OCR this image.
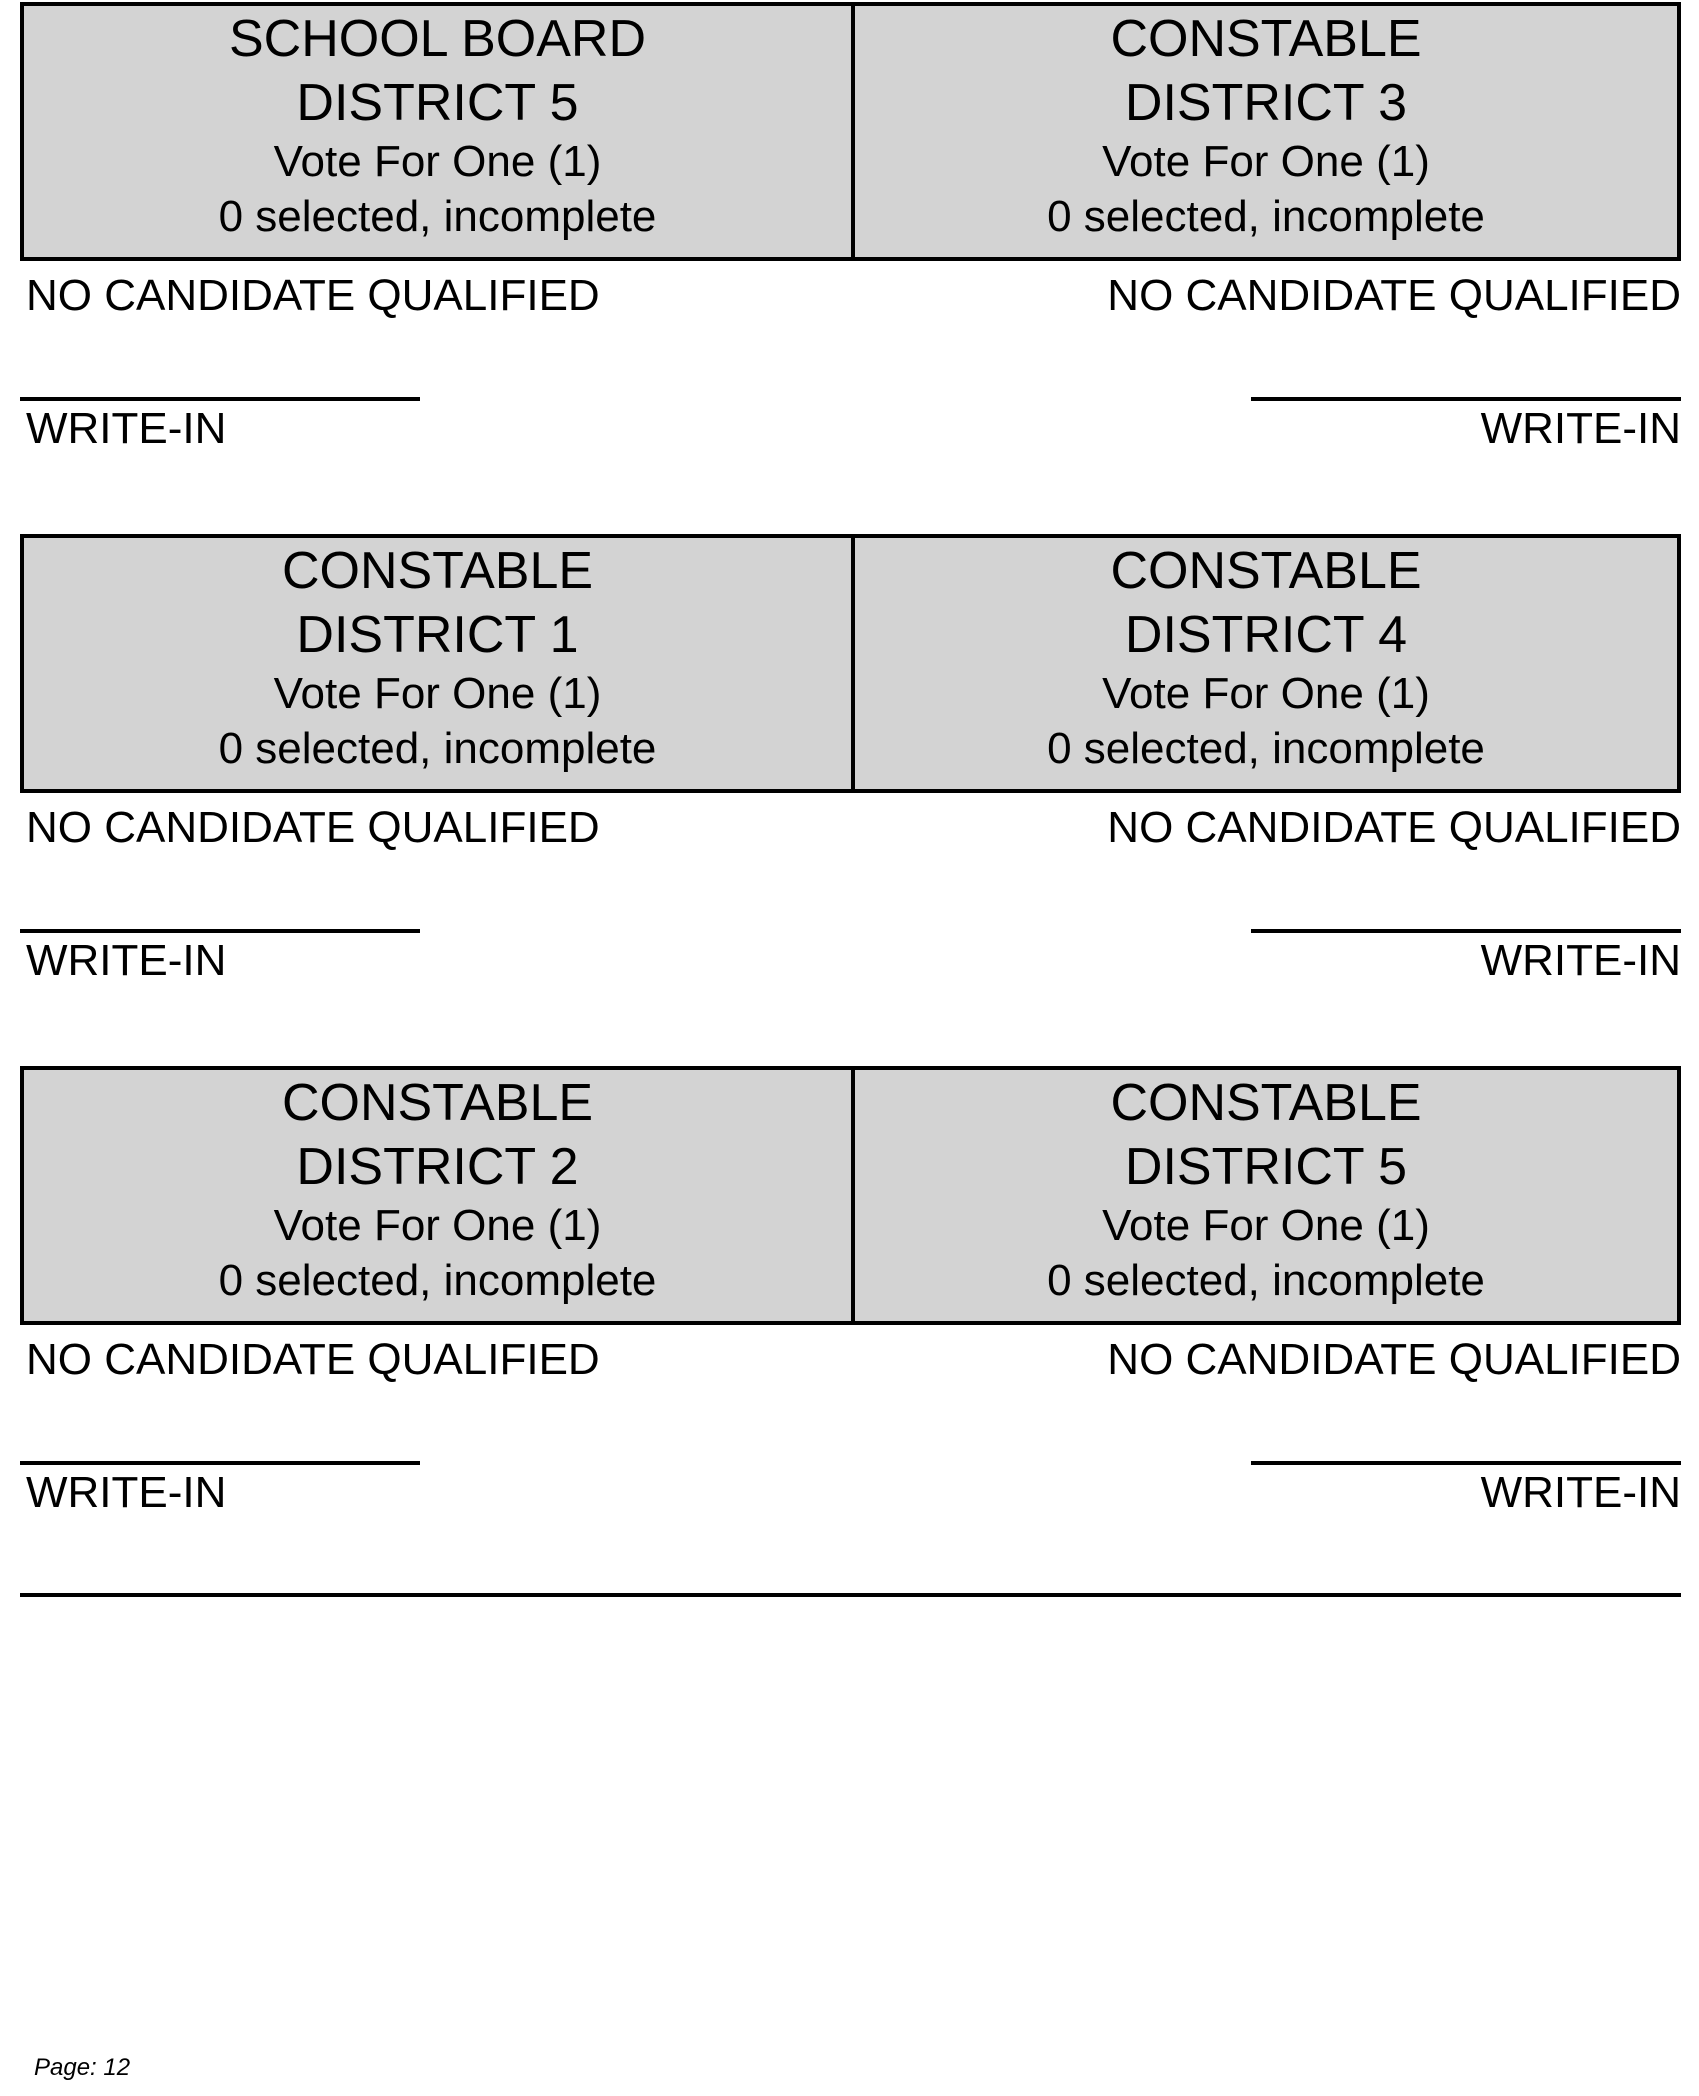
SCHOOL BOARD
DISTRICT 5
Vote For One (1)
0 selected, incomplete
CONSTABLE
DISTRICT 3
Vote For One (1)
0 selected, incomplete
NO CANDIDATE QUALIFIED	NO CANDIDATE QUALIFIED
WRITE-IN	WRITE-IN
CONSTABLE
DISTRICT 1
Vote For One (1)
0 selected, incomplete
CONSTABLE
DISTRICT 4
Vote For One (1)
0 selected, incomplete
NO CANDIDATE QUALIFIED	NO CANDIDATE QUALIFIED
WRITE-IN	WRITE-IN
CONSTABLE
DISTRICT 2
Vote For One (1)
0 selected, incomplete
CONSTABLE
DISTRICT 5
Vote For One (1)
0 selected, incomplete
NO CANDIDATE QUALIFIED	NO CANDIDATE QUALIFIED
WRITE-IN	WRITE-IN
Page: 12
